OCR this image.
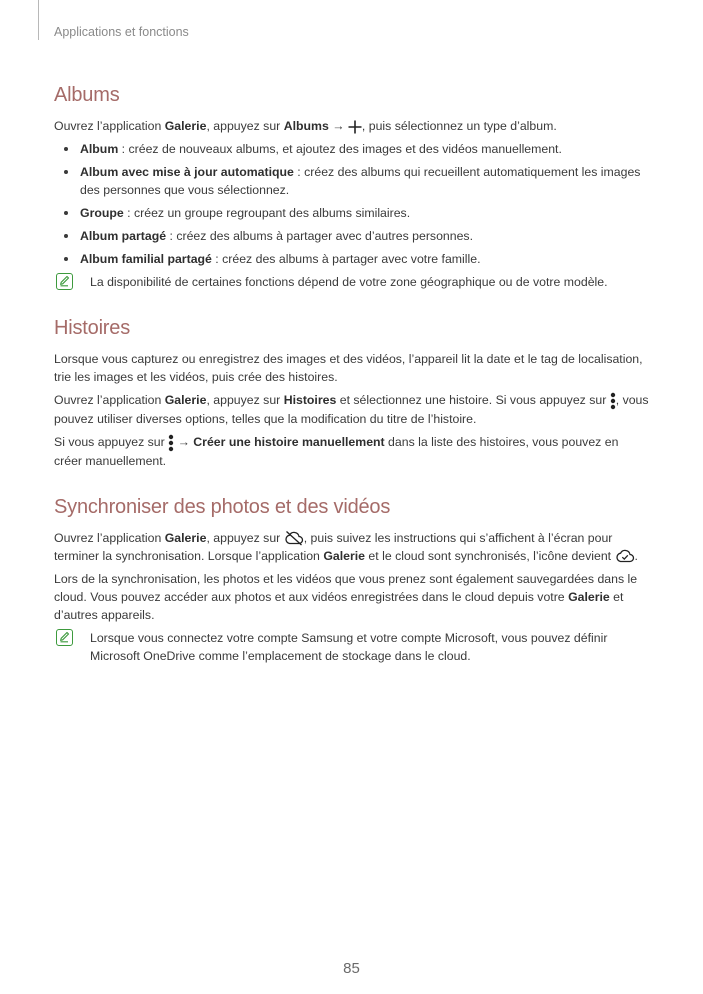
Applications et fonctions
Albums

Ouvrez l’application Galerie, appuyez sur Albums → , puis sélectionnez un type d’album.

Album : créez de nouveaux albums, et ajoutez des images et des vidéos manuellement.
Album avec mise à jour automatique : créez des albums qui recueillent automatiquement les images des personnes que vous sélectionnez.
Groupe : créez un groupe regroupant des albums similaires.
Album partagé : créez des albums à partager avec d’autres personnes.
Album familial partagé : créez des albums à partager avec votre famille.
La disponibilité de certaines fonctions dépend de votre zone géographique ou de votre modèle.
Histoires

Lorsque vous capturez ou enregistrez des images et des vidéos, l’appareil lit la date et le tag de localisation, trie les images et les vidéos, puis crée des histoires.

Ouvrez l’application Galerie, appuyez sur Histoires et sélectionnez une histoire. Si vous appuyez sur , vous pouvez utiliser diverses options, telles que la modification du titre de l’histoire.

Si vous appuyez sur  → Créer une histoire manuellement dans la liste des histoires, vous pouvez en créer manuellement.

Synchroniser des photos et des vidéos

Ouvrez l’application Galerie, appuyez sur , puis suivez les instructions qui s’affichent à l’écran pour terminer la synchronisation. Lorsque l’application Galerie et le cloud sont synchronisés, l’icône devient .

Lors de la synchronisation, les photos et les vidéos que vous prenez sont également sauvegardées dans le cloud. Vous pouvez accéder aux photos et aux vidéos enregistrées dans le cloud depuis votre Galerie et d’autres appareils.

Lorsque vous connectez votre compte Samsung et votre compte Microsoft, vous pouvez définir Microsoft OneDrive comme l’emplacement de stockage dans le cloud.
85
